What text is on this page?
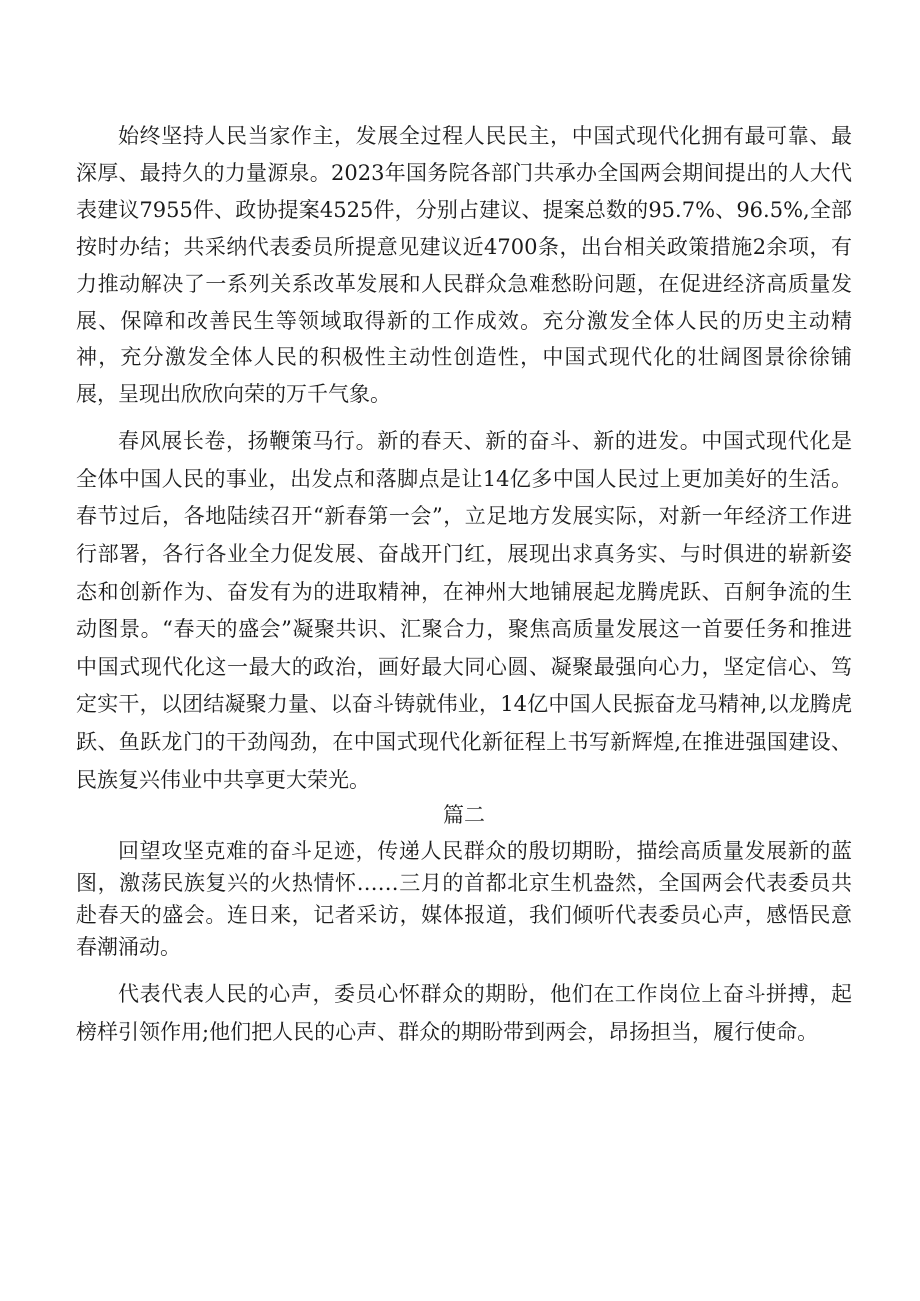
始终坚持人民当家作主，发展全过程人民民主，中国式现代化拥有最可靠、最深厚、最持久的力量源泉。2023年国务院各部门共承办全国两会期间提出的人大代表建议7955件、政协提案4525件，分别占建议、提案总数的95.7%、96.5%,全部按时办结；共采纳代表委员所提意见建议近4700条，出台相关政策措施2余项，有力推动解决了一系列关系改革发展和人民群众急难愁盼问题，在促进经济高质量发展、保障和改善民生等领域取得新的工作成效。充分激发全体人民的历史主动精神，充分激发全体人民的积极性主动性创造性，中国式现代化的壮阔图景徐徐铺展，呈现出欣欣向荣的万千气象。

春风展长卷，扬鞭策马行。新的春天、新的奋斗、新的进发。中国式现代化是全体中国人民的事业，出发点和落脚点是让14亿多中国人民过上更加美好的生活。春节过后，各地陆续召开“新春第一会”，立足地方发展实际，对新一年经济工作进行部署，各行各业全力促发展、奋战开门红，展现出求真务实、与时俱进的崭新姿态和创新作为、奋发有为的进取精神，在神州大地铺展起龙腾虎跃、百舸争流的生动图景。“春天的盛会”凝聚共识、汇聚合力，聚焦高质量发展这一首要任务和推进中国式现代化这一最大的政治，画好最大同心圆、凝聚最强向心力，坚定信心、笃定实干，以团结凝聚力量、以奋斗铸就伟业，14亿中国人民振奋龙马精神,以龙腾虎跃、鱼跃龙门的干劲闯劲，在中国式现代化新征程上书写新辉煌,在推进强国建设、民族复兴伟业中共享更大荣光。

篇二

回望攻坚克难的奋斗足迹，传递人民群众的殷切期盼，描绘高质量发展新的蓝图，激荡民族复兴的火热情怀……三月的首都北京生机盎然，全国两会代表委员共赴春天的盛会。连日来，记者采访，媒体报道，我们倾听代表委员心声，感悟民意春潮涌动。

代表代表人民的心声，委员心怀群众的期盼，他们在工作岗位上奋斗拼搏，起榜样引领作用;他们把人民的心声、群众的期盼带到两会，昂扬担当，履行使命。
